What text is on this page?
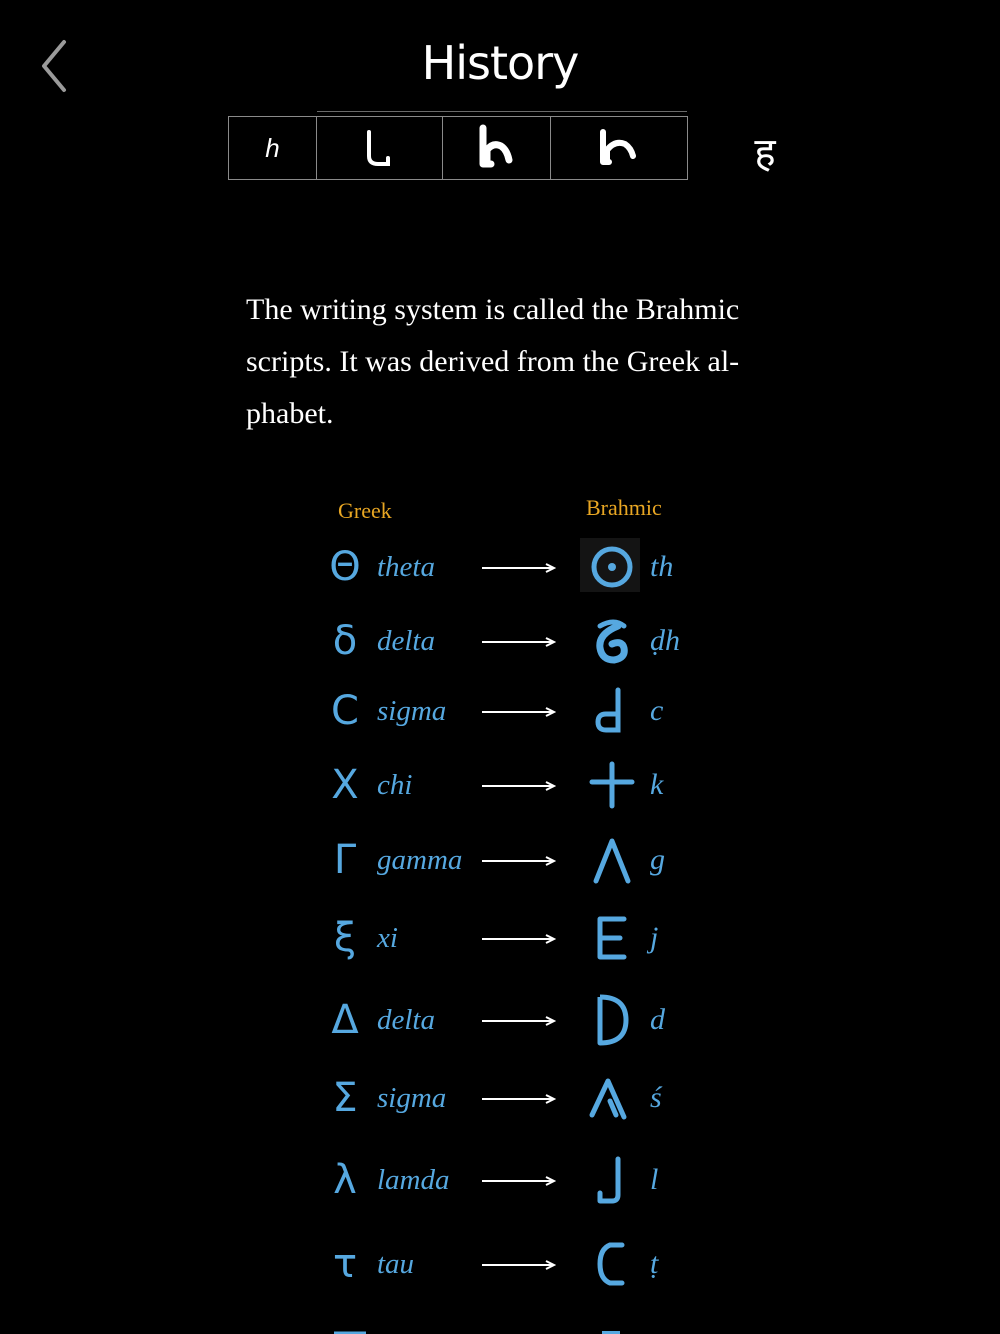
History
h	ह

The writing system is called the Brahmic
scripts. It was derived from the Greek al-
phabet.

Greek	Brahmic
Θ theta	th
δ delta	ḍh
C sigma	c
X chi	k
Γ gamma	g
ξ xi	j
Δ delta	d
Σ sigma	ś
λ lamda	l
τ tau	ṭ
